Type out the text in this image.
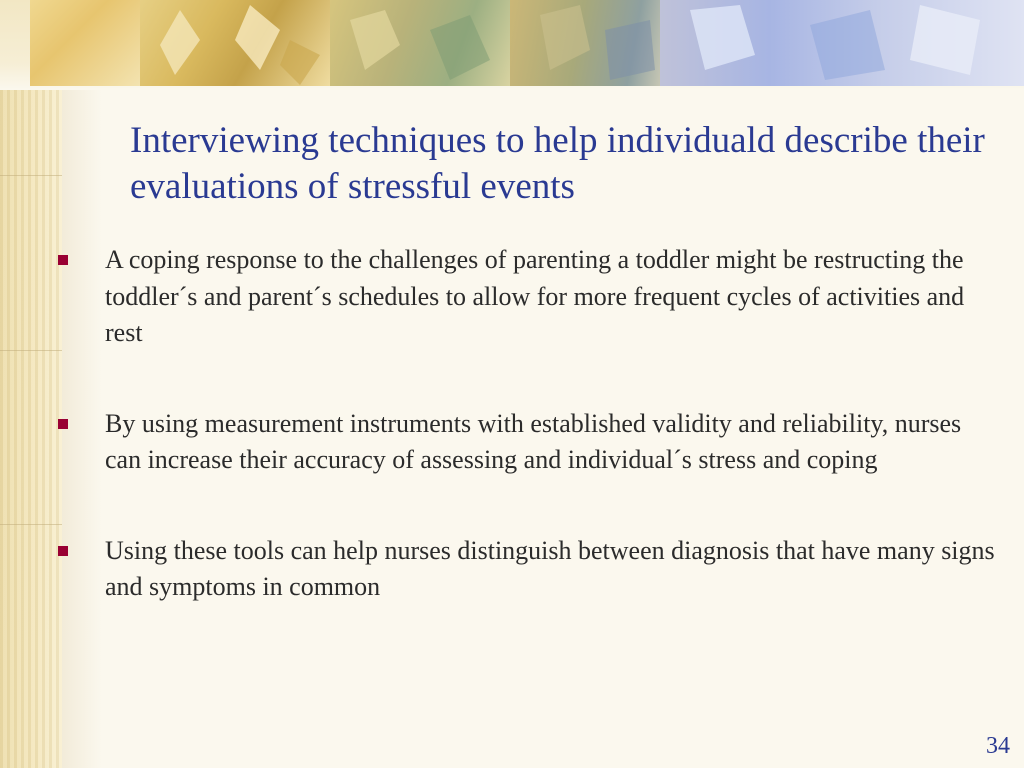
Interviewing techniques to help individuald describe their evaluations of stressful events
A coping response to the challenges of parenting a toddler might be restructing the toddler´s and parent´s schedules to allow for more frequent cycles of activities and rest
By using measurement instruments with established validity and reliability, nurses can increase their accuracy of assessing and individual´s stress and coping
Using these tools can help nurses distinguish between diagnosis that have many signs and symptoms in common
34
